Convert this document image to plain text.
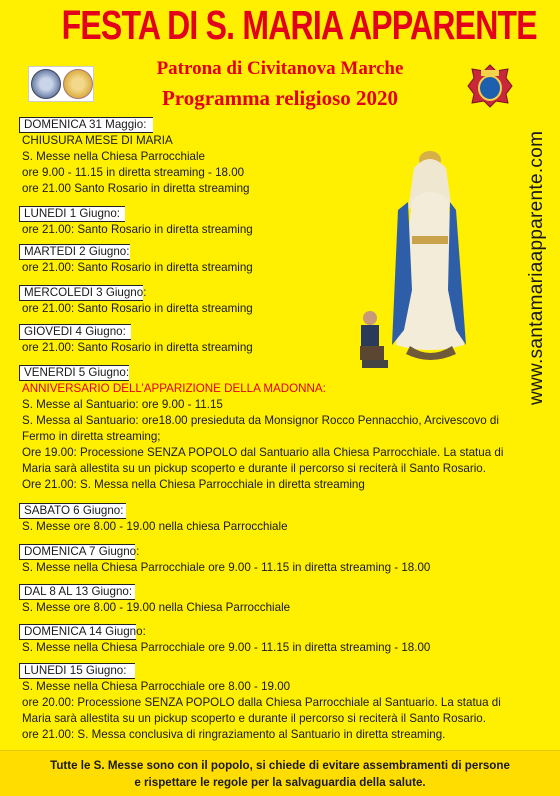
FESTA DI S. MARIA APPARENTE
Patrona di Civitanova Marche
Programma religioso 2020
www.santamariaapparente.com
DOMENICA 31 Maggio:
CHIUSURA MESE DI MARIA
S. Messe nella Chiesa Parrocchiale
ore 9.00 - 11.15 in diretta streaming - 18.00
ore 21.00 Santo Rosario in diretta streaming
LUNEDI 1 Giugno:
ore 21.00: Santo Rosario in diretta streaming
MARTEDI 2 Giugno:
ore 21.00: Santo Rosario in diretta streaming
MERCOLEDI 3 Giugno:
ore 21.00: Santo Rosario in diretta streaming
GIOVEDI 4 Giugno:
ore 21.00: Santo Rosario in diretta streaming
VENERDI 5 Giugno:
ANNIVERSARIO DELL’APPARIZIONE DELLA MADONNA:
S. Messe al Santuario: ore 9.00 - 11.15
S. Messa al Santuario: ore18.00 presieduta da Monsignor Rocco Pennacchio, Arcivescovo di
Fermo in diretta streaming;
Ore 19.00: Processione SENZA POPOLO dal Santuario alla Chiesa Parrocchiale. La statua di
Maria sarà allestita su un pickup scoperto e durante il percorso si reciterà il Santo Rosario.
Ore 21.00: S. Messa nella Chiesa Parrocchiale in diretta streaming
SABATO 6 Giugno:
S. Messe ore 8.00 - 19.00 nella chiesa Parrocchiale
DOMENICA 7 Giugno:
S. Messe nella Chiesa Parrocchiale ore 9.00 - 11.15 in diretta streaming - 18.00
DAL 8 AL 13 Giugno:
S. Messe ore 8.00 - 19.00 nella Chiesa Parrocchiale
DOMENICA 14 Giugno:
S. Messe nella Chiesa Parrocchiale ore 9.00 - 11.15 in diretta streaming - 18.00
LUNEDI 15 Giugno:
S. Messe nella Chiesa Parrocchiale ore 8.00 - 19.00
ore 20.00: Processione SENZA POPOLO dalla Chiesa Parrocchiale al Santuario. La statua di
Maria sarà allestita su un pickup scoperto e durante il percorso si reciterà il Santo Rosario.
ore 21.00: S. Messa conclusiva di ringraziamento al Santuario in diretta streaming.
Tutte le S. Messe sono con il popolo, si chiede di evitare assembramenti di persone
e rispettare le regole per la salvaguardia della salute.
